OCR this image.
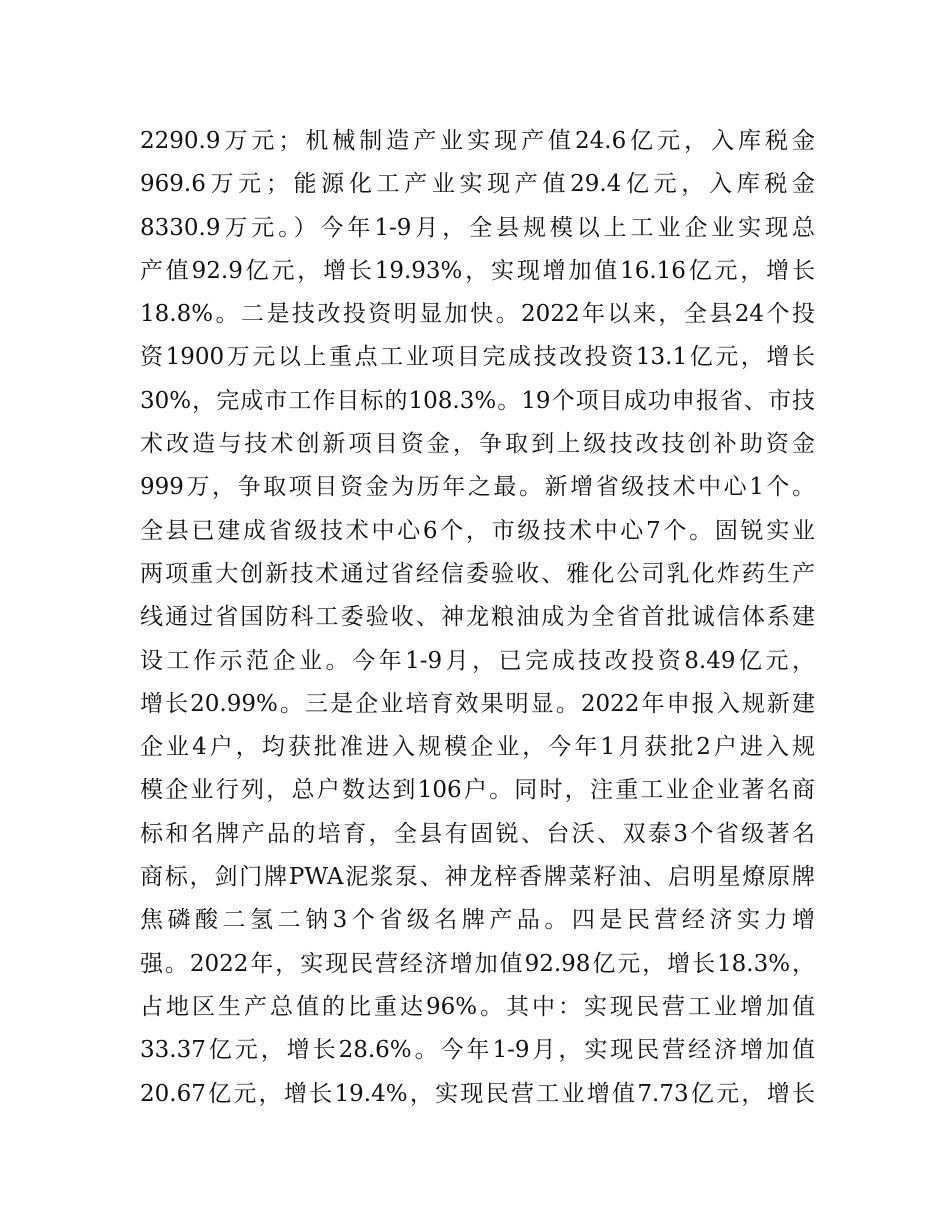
2290.9万元；机械制造产业实现产值24.6亿元，入库税金
969.6万元；能源化工产业实现产值29.4亿元，入库税金
8330.9万元。）今年1-9月，全县规模以上工业企业实现总
产值92.9亿元，增长19.93%，实现增加值16.16亿元，增长
18.8%。二是技改投资明显加快。2022年以来，全县24个投
资1900万元以上重点工业项目完成技改投资13.1亿元，增长
30%，完成市工作目标的108.3%。19个项目成功申报省、市技
术改造与技术创新项目资金，争取到上级技改技创补助资金
999万，争取项目资金为历年之最。新增省级技术中心1个。
全县已建成省级技术中心6个，市级技术中心7个。固锐实业
两项重大创新技术通过省经信委验收、雅化公司乳化炸药生产
线通过省国防科工委验收、神龙粮油成为全省首批诚信体系建
设工作示范企业。今年1-9月，已完成技改投资8.49亿元，
增长20.99%。三是企业培育效果明显。2022年申报入规新建
企业4户，均获批准进入规模企业，今年1月获批2户进入规
模企业行列，总户数达到106户。同时，注重工业企业著名商
标和名牌产品的培育，全县有固锐、台沃、双泰3个省级著名
商标，剑门牌PWA泥浆泵、神龙梓香牌菜籽油、启明星燎原牌
焦磷酸二氢二钠3个省级名牌产品。四是民营经济实力增
强。2022年，实现民营经济增加值92.98亿元，增长18.3%，
占地区生产总值的比重达96%。其中：实现民营工业增加值
33.37亿元，增长28.6%。今年1-9月，实现民营经济增加值
20.67亿元，增长19.4%，实现民营工业增值7.73亿元，增长
